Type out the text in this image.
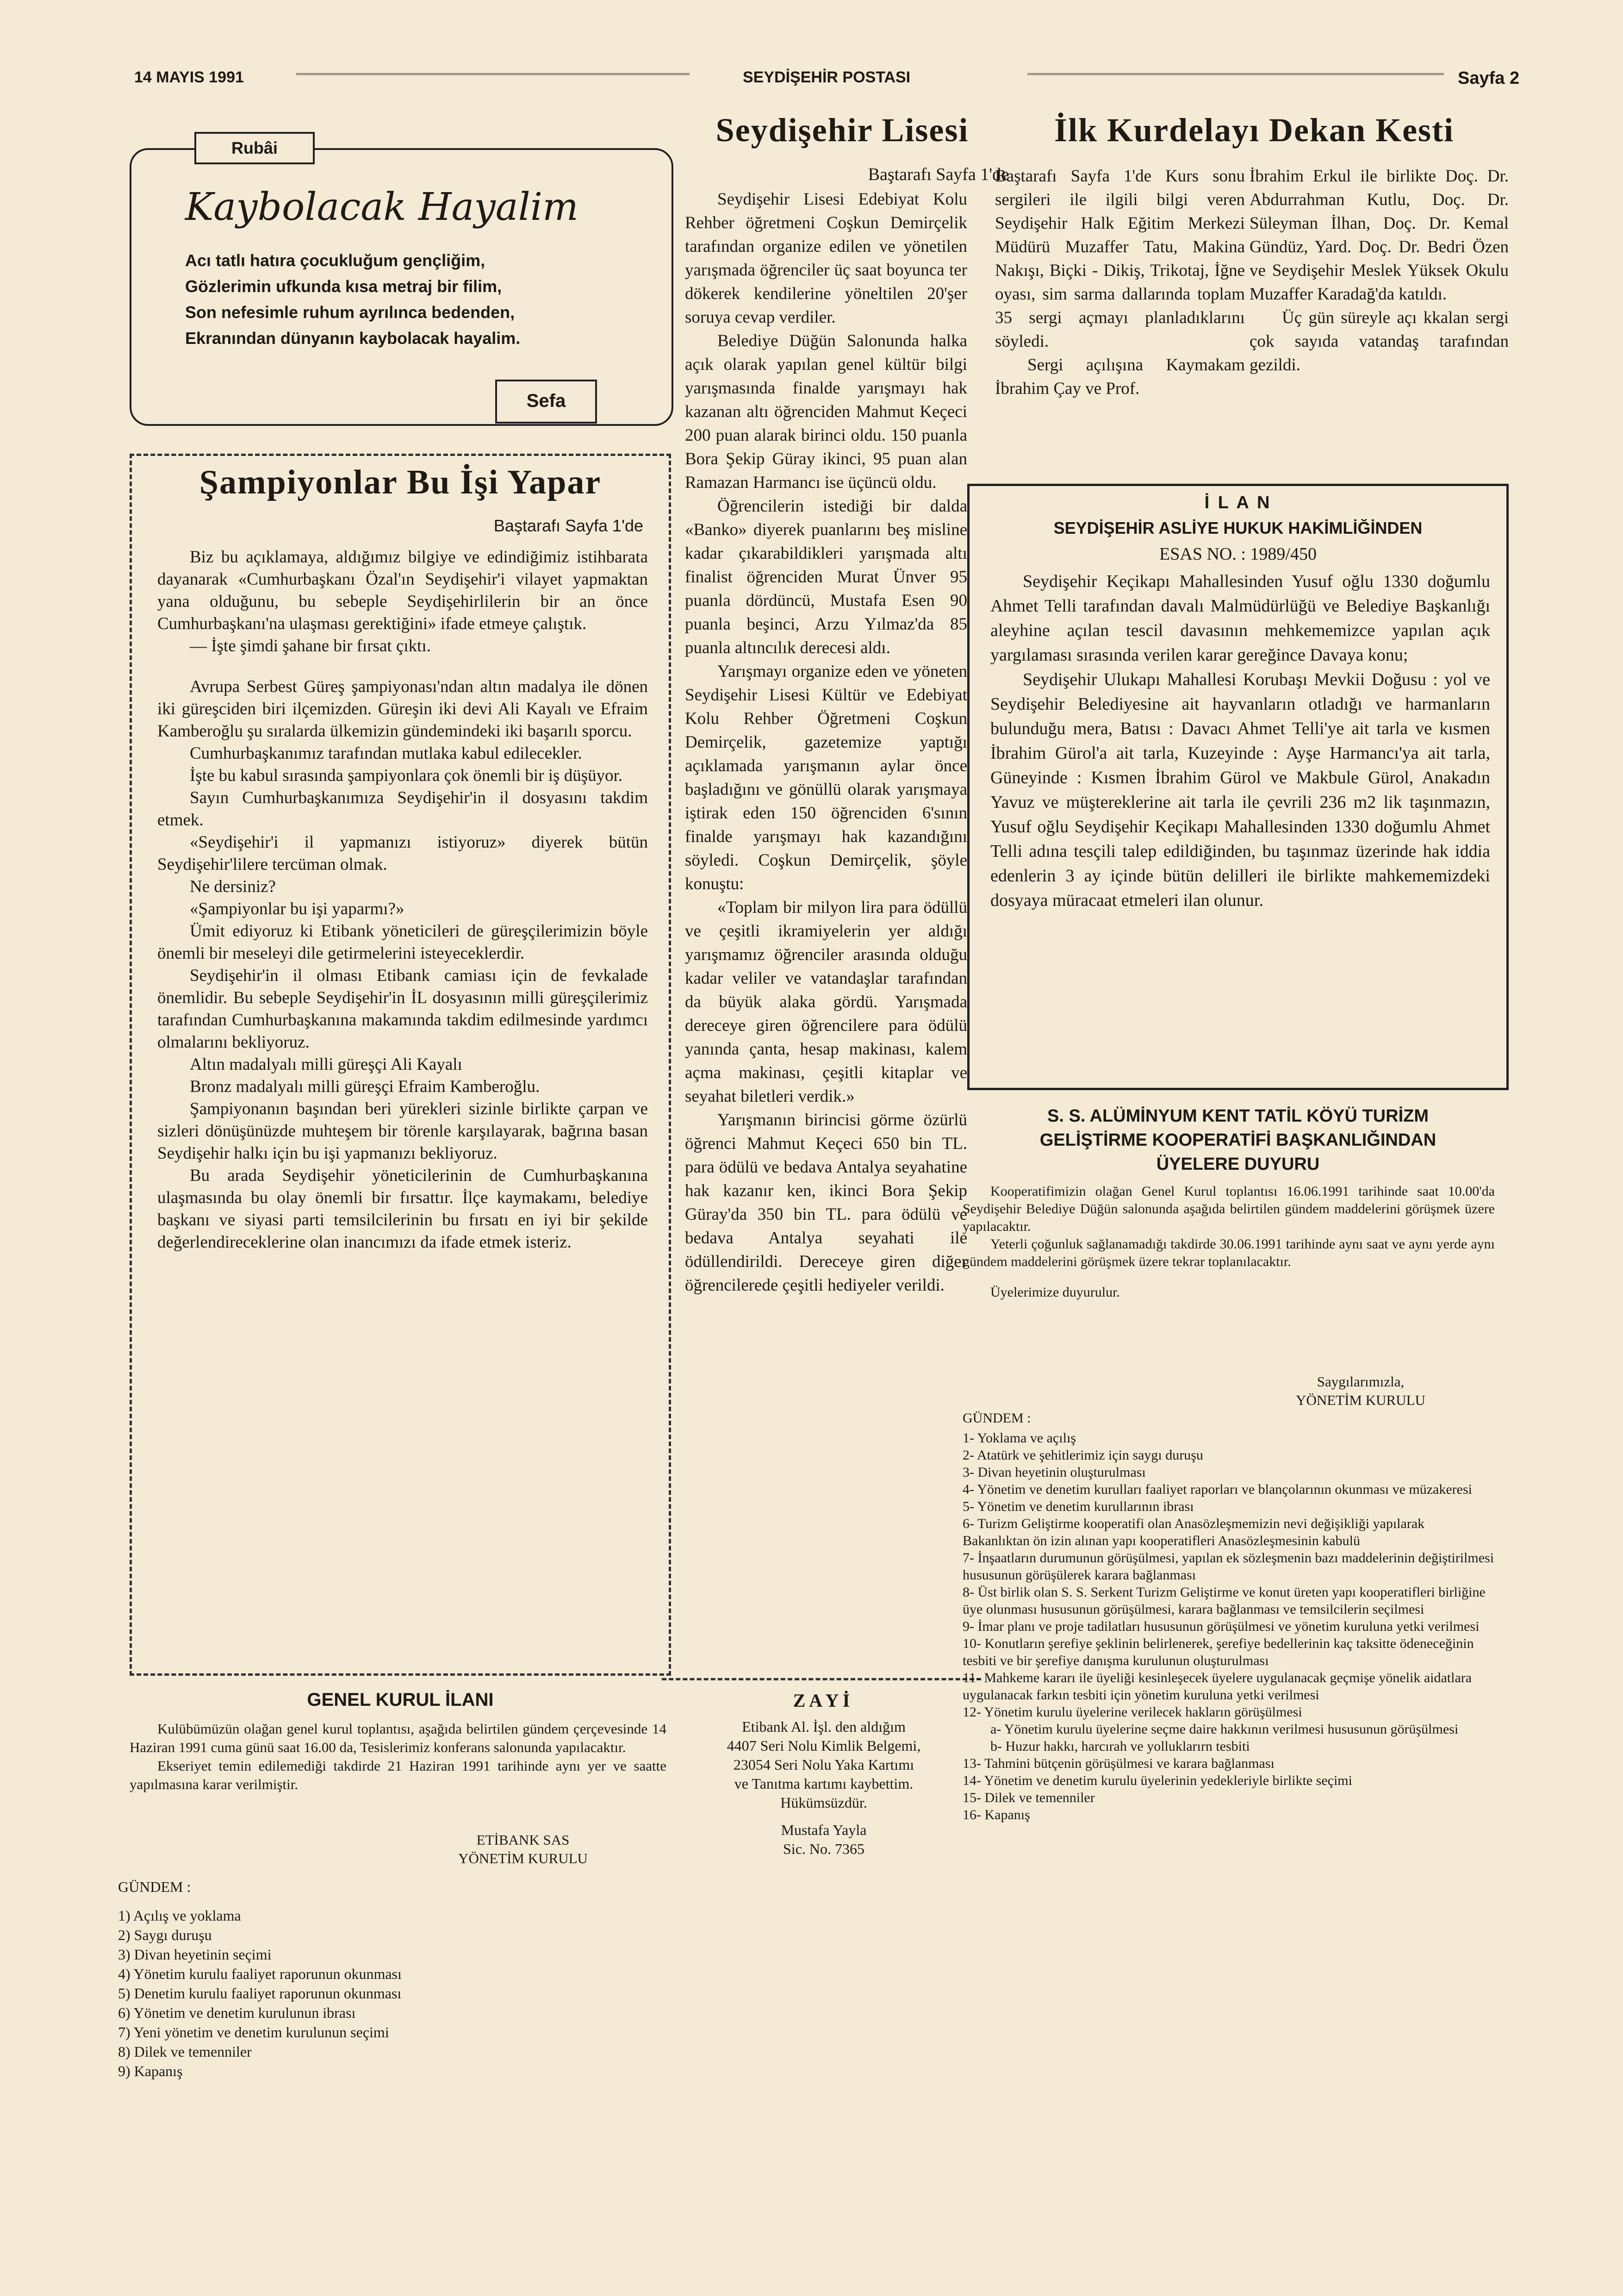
14 MAYIS 1991	SEYDİŞEHİR POSTASI	Sayfa 2
Rubâi
Kaybolacak Hayalim
Acı tatlı hatıra çocukluğum gençliğim,
Gözlerimin ufkunda kısa metraj bir filim,
Son nefesimle ruhum ayrılınca bedenden,
Ekranından dünyanın kaybolacak hayalim.
Sefa
Şampiyonlar Bu İşi Yapar
Baştarafı Sayfa 1'de

Biz bu açıklamaya, aldığımız bilgiye ve edindiğimiz istihbarata dayanarak «Cumhurbaşkanı Özal'ın Seydişehir'i vilayet yapmaktan yana olduğunu, bu sebeple Seydişehirlilerin bir an önce Cumhurbaşkanı'na ulaşması gerektiğini» ifade etmeye çalıştık.

— İşte şimdi şahane bir fırsat çıktı.

Avrupa Serbest Güreş şampiyonası'ndan altın madalya ile dönen iki güreşciden biri ilçemizden. Güreşin iki devi Ali Kayalı ve Efraim Kamberoğlu şu sıralarda ülkemizin gündemindeki iki başarılı sporcu.

Cumhurbaşkanımız tarafından mutlaka kabul edilecekler.

İşte bu kabul sırasında şampiyonlara çok önemli bir iş düşüyor.

Sayın Cumhurbaşkanımıza Seydişehir'in il dosyasını takdim etmek.

«Seydişehir'i il yapmanızı istiyoruz» diyerek bütün Seydişehir'lilere tercüman olmak.

Ne dersiniz?

«Şampiyonlar bu işi yaparmı?»

Ümit ediyoruz ki Etibank yöneticileri de güreşçilerimizin böyle önemli bir meseleyi dile getirmelerini isteyeceklerdir.

Seydişehir'in il olması Etibank camiası için de fevkalade önemlidir. Bu sebeple Seydişehir'in İL dosyasının milli güreşçilerimiz tarafından Cumhurbaşkanına makamında takdim edilmesinde yardımcı olmalarını bekliyoruz.

Altın madalyalı milli güreşçi Ali Kayalı

Bronz madalyalı milli güreşçi Efraim Kamberoğlu.

Şampiyonanın başından beri yürekleri sizinle birlikte çarpan ve sizleri dönüşünüzde muhteşem bir törenle karşılayarak, bağrına basan Seydişehir halkı için bu işi yapmanızı bekliyoruz.

Bu arada Seydişehir yöneticilerinin de Cumhurbaşkanına ulaşmasında bu olay önemli bir fırsattır. İlçe kaymakamı, belediye başkanı ve siyasi parti temsilcilerinin bu fırsatı en iyi bir şekilde değerlendireceklerine olan inancımızı da ifade etmek isteriz.

GENEL KURUL İLANI

Kulübümüzün olağan genel kurul toplantısı, aşağıda belirtilen gündem çerçevesinde 14 Haziran 1991 cuma günü saat 16.00 da, Tesislerimiz konferans salonunda yapılacaktır.

Ekseriyet temin edilemediği takdirde 21 Haziran 1991 tarihinde aynı yer ve saatte yapılmasına karar verilmiştir.

ETİBANK SAS
YÖNETİM KURULU
GÜNDEM :
1) Açılış ve yoklama
2) Saygı duruşu
3) Divan heyetinin seçimi
4) Yönetim kurulu faaliyet raporunun okunması
5) Denetim kurulu faaliyet raporunun okunması
6) Yönetim ve denetim kurulunun ibrası
7) Yeni yönetim ve denetim kurulunun seçimi
8) Dilek ve temenniler
9) Kapanış
Seydişehir Lisesi
Baştarafı Sayfa 1'de

Seydişehir Lisesi Edebiyat Kolu Rehber öğretmeni Coşkun Demirçelik tarafından organize edilen ve yönetilen yarışmada öğrenciler üç saat boyunca ter dökerek kendilerine yöneltilen 20'şer soruya cevap verdiler.

Belediye Düğün Salonunda halka açık olarak yapılan genel kültür bilgi yarışmasında finalde yarışmayı hak kazanan altı öğrenciden Mahmut Keçeci 200 puan alarak birinci oldu. 150 puanla Bora Şekip Güray ikinci, 95 puan alan Ramazan Harmancı ise üçüncü oldu.

Öğrencilerin istediği bir dalda «Banko» diyerek puanlarını beş misline kadar çıkarabildikleri yarışmada altı finalist öğrenciden Murat Ünver 95 puanla dördüncü, Mustafa Esen 90 puanla beşinci, Arzu Yılmaz'da 85 puanla altıncılık derecesi aldı.

Yarışmayı organize eden ve yöneten Seydişehir Lisesi Kültür ve Edebiyat Kolu Rehber Öğretmeni Coşkun Demirçelik, gazetemize yaptığı açıklamada yarışmanın aylar önce başladığını ve gönüllü olarak yarışmaya iştirak eden 150 öğrenciden 6'sının finalde yarışmayı hak kazandığını söyledi. Coşkun Demirçelik, şöyle konuştu:

«Toplam bir milyon lira para ödüllü ve çeşitli ikramiyelerin yer aldığı yarışmamız öğrenciler arasında olduğu kadar veliler ve vatandaşlar tarafından da büyük alaka gördü. Yarışmada dereceye giren öğrencilere para ödülü yanında çanta, hesap makinası, kalem açma makinası, çeşitli kitaplar ve seyahat biletleri verdik.»

Yarışmanın birincisi görme özürlü öğrenci Mahmut Keçeci 650 bin TL. para ödülü ve bedava Antalya seyahatine hak kazanır ken, ikinci Bora Şekip Güray'da 350 bin TL. para ödülü ve bedava Antalya seyahati ile ödüllendirildi. Dereceye giren diğer öğrencilerede çeşitli hediyeler verildi.

Z A Y İ
Etibank Al. İşl. den aldığım
4407 Seri Nolu Kimlik Belgemi,
23054 Seri Nolu Yaka Kartımı
ve Tanıtma kartımı kaybettim.
Hükümsüzdür.
Mustafa Yayla
Sic. No. 7365
İlk Kurdelayı Dekan Kesti

Baştarafı Sayfa 1'de Kurs sonu sergileri ile ilgili bilgi veren Seydişehir Halk Eğitim Merkezi Müdürü Muzaffer Tatu, Makina Nakışı, Biçki - Dikiş, Trikotaj, İğne oyası, sim sarma dallarında toplam 35 sergi açmayı planladıklarını söyledi.

Sergi açılışına Kaymakam İbrahim Çay ve Prof.

İbrahim Erkul ile birlikte Doç. Dr. Abdurrahman Kutlu, Doç. Dr. Süleyman İlhan, Doç. Dr. Kemal Gündüz, Yard. Doç. Dr. Bedri Özen ve Seydişehir Meslek Yüksek Okulu Muzaffer Karadağ'da katıldı.

Üç gün süreyle açı kkalan sergi çok sayıda vatandaş tarafından gezildi.

İ L A N
SEYDİŞEHİR ASLİYE HUKUK HAKİMLİĞİNDEN
ESAS NO. : 1989/450

Seydişehir Keçikapı Mahallesinden Yusuf oğlu 1330 doğumlu Ahmet Telli tarafından davalı Malmüdürlüğü ve Belediye Başkanlığı aleyhine açılan tescil davasının mehkememizce yapılan açık yargılaması sırasında verilen karar gereğince Davaya konu;

Seydişehir Ulukapı Mahallesi Korubaşı Mevkii Doğusu : yol ve Seydişehir Belediyesine ait hayvanların otladığı ve harmanların bulunduğu mera, Batısı : Davacı Ahmet Telli'ye ait tarla ve kısmen İbrahim Gürol'a ait tarla, Kuzeyinde : Ayşe Harmancı'ya ait tarla, Güneyinde : Kısmen İbrahim Gürol ve Makbule Gürol, Anakadın Yavuz ve müştereklerine ait tarla ile çevrili 236 m2 lik taşınmazın, Yusuf oğlu Seydişehir Keçikapı Mahallesinden 1330 doğumlu Ahmet Telli adına tesçili talep edildiğinden, bu taşınmaz üzerinde hak iddia edenlerin 3 ay içinde bütün delilleri ile birlikte mahkememizdeki dosyaya müracaat etmeleri ilan olunur.

S. S. ALÜMİNYUM KENT TATİL KÖYÜ TURİZM
GELİŞTİRME KOOPERATİFİ BAŞKANLIĞINDAN
ÜYELERE DUYURU

Kooperatifimizin olağan Genel Kurul toplantısı 16.06.1991 tarihinde saat 10.00'da Seydişehir Belediye Düğün salonunda aşağıda belirtilen gündem maddelerini görüşmek üzere yapılacaktır.

Yeterli çoğunluk sağlanamadığı takdirde 30.06.1991 tarihinde aynı saat ve aynı yerde aynı gündem maddelerini görüşmek üzere tekrar toplanılacaktır.

Üyelerimize duyurulur.

Saygılarımızla,
YÖNETİM KURULU
GÜNDEM :
1- Yoklama ve açılış
2- Atatürk ve şehitlerimiz için saygı duruşu
3- Divan heyetinin oluşturulması
4- Yönetim ve denetim kurulları faaliyet raporları ve blançolarının okunması ve müzakeresi
5- Yönetim ve denetim kurullarının ibrası
6- Turizm Geliştirme kooperatifi olan Anasözleşmemizin nevi değişikliği yapılarak Bakanlıktan ön izin alınan yapı kooperatifleri Anasözleşmesinin kabulü
7- İnşaatların durumunun görüşülmesi, yapılan ek sözleşmenin bazı maddelerinin değiştirilmesi hususunun görüşülerek karara bağlanması
8- Üst birlik olan S. S. Serkent Turizm Geliştirme ve konut üreten yapı kooperatifleri birliğine üye olunması hususunun görüşülmesi, karara bağlanması ve temsilcilerin seçilmesi
9- İmar planı ve proje tadilatları hususunun görüşülmesi ve yönetim kuruluna yetki verilmesi
10- Konutların şerefiye şeklinin belirlenerek, şerefiye bedellerinin kaç taksitte ödeneceğinin tesbiti ve bir şerefiye danışma kurulunun oluşturulması
11- Mahkeme kararı ile üyeliği kesinleşecek üyelere uygulanacak geçmişe yönelik aidatlara uygulanacak farkın tesbiti için yönetim kuruluna yetki verilmesi
12- Yönetim kurulu üyelerine verilecek hakların görüşülmesi
a- Yönetim kurulu üyelerine seçme daire hakkının verilmesi hususunun görüşülmesi
b- Huzur hakkı, harcırah ve yolluklarırn tesbiti
13- Tahmini bütçenin görüşülmesi ve karara bağlanması
14- Yönetim ve denetim kurulu üyelerinin yedekleriyle birlikte seçimi
15- Dilek ve temenniler
16- Kapanış
